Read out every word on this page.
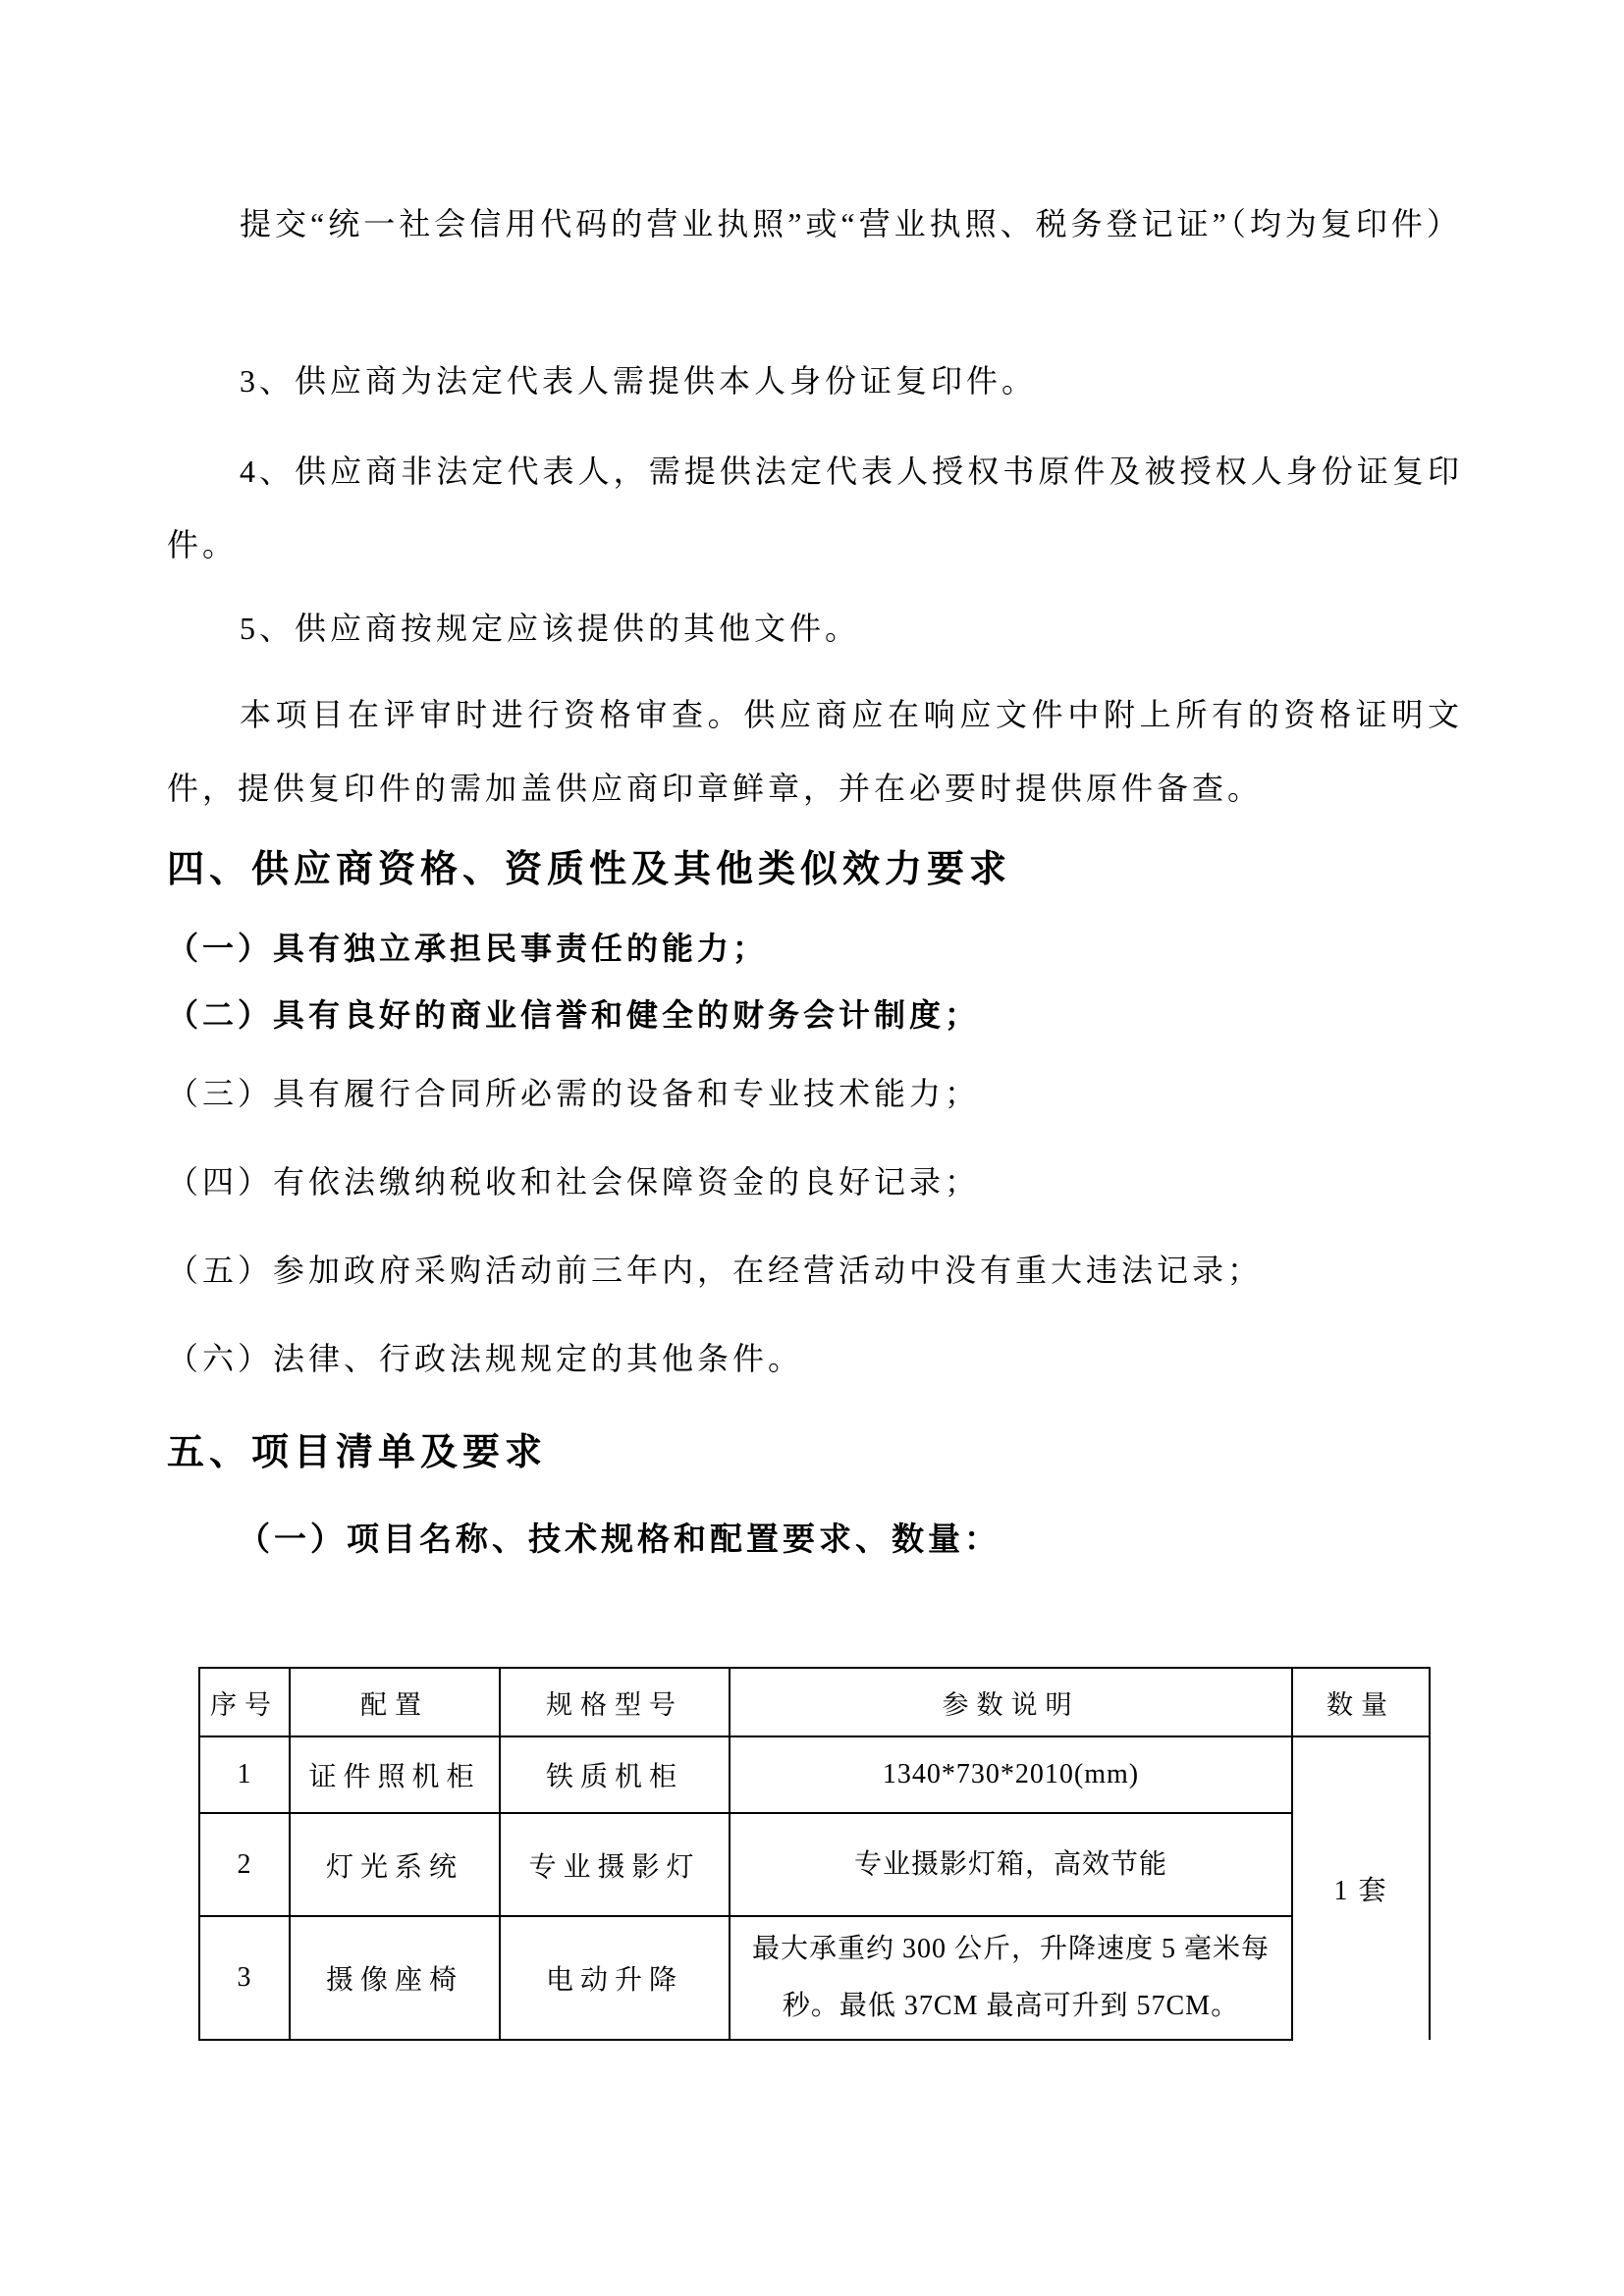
提交“统一社会信用代码的营业执照”或“营业执照、税务登记证”（均为复印件）

3、供应商为法定代表人需提供本人身份证复印件。

4、供应商非法定代表人，需提供法定代表人授权书原件及被授权人身份证复印件。

5、供应商按规定应该提供的其他文件。

本项目在评审时进行资格审查。供应商应在响应文件中附上所有的资格证明文件，提供复印件的需加盖供应商印章鲜章，并在必要时提供原件备查。

四、供应商资格、资质性及其他类似效力要求

（一）具有独立承担民事责任的能力；

（二）具有良好的商业信誉和健全的财务会计制度；

（三）具有履行合同所必需的设备和专业技术能力；

（四）有依法缴纳税收和社会保障资金的良好记录；

（五）参加政府采购活动前三年内，在经营活动中没有重大违法记录；

（六）法律、行政法规规定的其他条件。

五、项目清单及要求

（一）项目名称、技术规格和配置要求、数量：

序号	配置	规格型号	参数说明	数量
1	证件照机柜	铁质机柜	1340*730*2010(mm)	1 套
2	灯光系统	专业摄影灯	专业摄影灯箱，高效节能	
3	摄像座椅	电动升降	最大承重约 300 公斤，升降速度 5 毫米每秒。最低 37CM 最高可升到 57CM。	
